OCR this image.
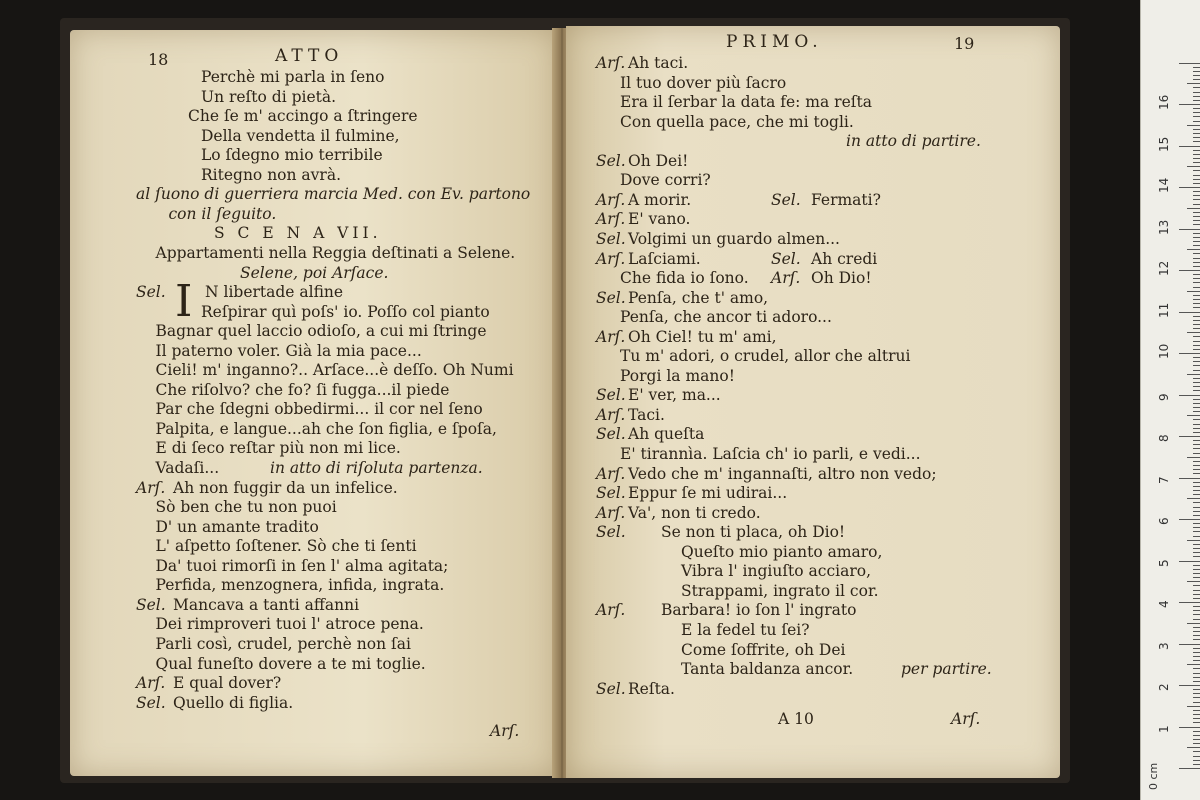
18	ATTO
Perchè mi parla in ſeno
Un reſto di pietà.
Che ſe m' accingo a ſtringere
Della vendetta il fulmine,
Lo ſdegno mio terribile
Ritegno non avrà.
al ſuono di guerriera marcia Med. con Ev. partono
con il ſeguito.
S C E N A VII.
Appartamenti nella Reggia deſtinati a Selene.
Selene, poi Arſace.
Sel.	N libertade alfine
I Reſpirar quì poſs' io. Poſſo col pianto
Bagnar quel laccio odioſo, a cui mi ſtringe
Il paterno voler. Già la mia pace...
Cieli! m' inganno?.. Arſace...è deſſo. Oh Numi
Che riſolvo? che fo? ſi fugga...il piede
Par che ſdegni obbedirmi... il cor nel ſeno
Palpita, e langue...ah che ſon figlia, e ſpoſa,
E di ſeco reſtar più non mi lice.
Vadaſi...	in atto di riſoluta partenza.
Arſ. Ah non fuggir da un infelice.
Sò ben che tu non puoi
D' un amante tradito
L' aſpetto ſoſtener. Sò che ti ſenti
Da' tuoi rimorſi in ſen l' alma agitata;
Perfida, menzognera, infida, ingrata.
Sel. Mancava a tanti affanni
Dei rimproveri tuoi l' atroce pena.
Parli così, crudel, perchè non ſai
Qual funeſto dovere a te mi toglie.
Arſ. E qual dover?
Sel. Quello di figlia.
Arſ.
PRIMO.	19
Arſ. Ah taci.
Il tuo dover più ſacro
Era il ſerbar la data fe: ma reſta
Con quella pace, che mi togli.
in atto di partire.
Sel. Oh Dei!
Dove corri?
Arſ. A morir.	Sel. Fermati?
Arſ. E' vano.
Sel. Volgimi un guardo almen...
Arſ. Laſciami.	Sel. Ah credi
Che fida io ſono. Arſ. Oh Dio!
Sel. Penſa, che t' amo,
Penſa, che ancor ti adoro...
Arſ. Oh Ciel! tu m' ami,
Tu m' adori, o crudel, allor che altrui
Porgi la mano!
Sel. E' ver, ma...
Arſ. Taci.
Sel. Ah queſta
E' tirannìa. Laſcia ch' io parli, e vedi...
Arſ. Vedo che m' ingannaſti, altro non vedo;
Sel. Eppur ſe mi udirai...
Arſ. Va', non ti credo.
Sel. Se non ti placa, oh Dio!
Queſto mio pianto amaro,
Vibra l' ingiuſto acciaro,
Strappami, ingrato il cor.
Arſ. Barbara! io ſon l' ingrato
E la fedel tu ſei?
Come ſoffrite, oh Dei
Tanta baldanza ancor.	per partire.
Sel. Reſta.
A 10	Arſ.
1
2
3
4
5
6
7
8
9
10
11
12
13
14
15
16
0 cm
